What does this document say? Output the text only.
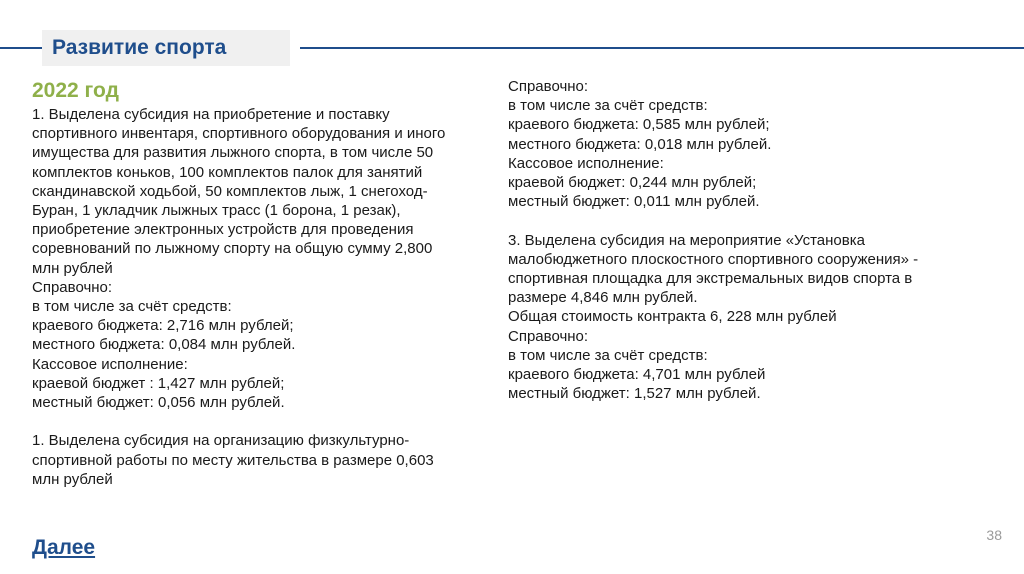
Развитие спорта
2022 год

1. Выделена субсидия на приобретение и поставку

спортивного инвентаря, спортивного оборудования и иного

имущества для развития лыжного спорта, в том числе 50

комплектов коньков, 100 комплектов палок для занятий

скандинавской ходьбой, 50 комплектов лыж, 1 снегоход-

Буран, 1 укладчик лыжных трасс (1 борона, 1 резак),

приобретение электронных устройств для проведения

соревнований по лыжному спорту на общую сумму 2,800

млн рублей

Справочно:

в том числе за счёт средств:

краевого бюджета: 2,716 млн рублей;

местного бюджета: 0,084 млн рублей.

Кассовое исполнение:

краевой бюджет : 1,427 млн рублей;

местный бюджет: 0,056 млн рублей.

1. Выделена субсидия на организацию физкультурно-

спортивной работы по месту жительства в размере 0,603

млн рублей

Справочно:

в том числе за счёт средств:

краевого бюджета: 0,585 млн рублей;

местного бюджета: 0,018 млн рублей.

Кассовое исполнение:

краевой бюджет: 0,244 млн рублей;

местный бюджет: 0,011 млн рублей.

3. Выделена субсидия на мероприятие «Установка

малобюджетного плоскостного спортивного сооружения» -

спортивная площадка для экстремальных видов спорта в

размере 4,846 млн рублей.

Общая стоимость контракта 6, 228 млн рублей

Справочно:

в том числе за счёт средств:

краевого бюджета: 4,701 млн рублей

местный бюджет: 1,527 млн рублей.

Далее
38
